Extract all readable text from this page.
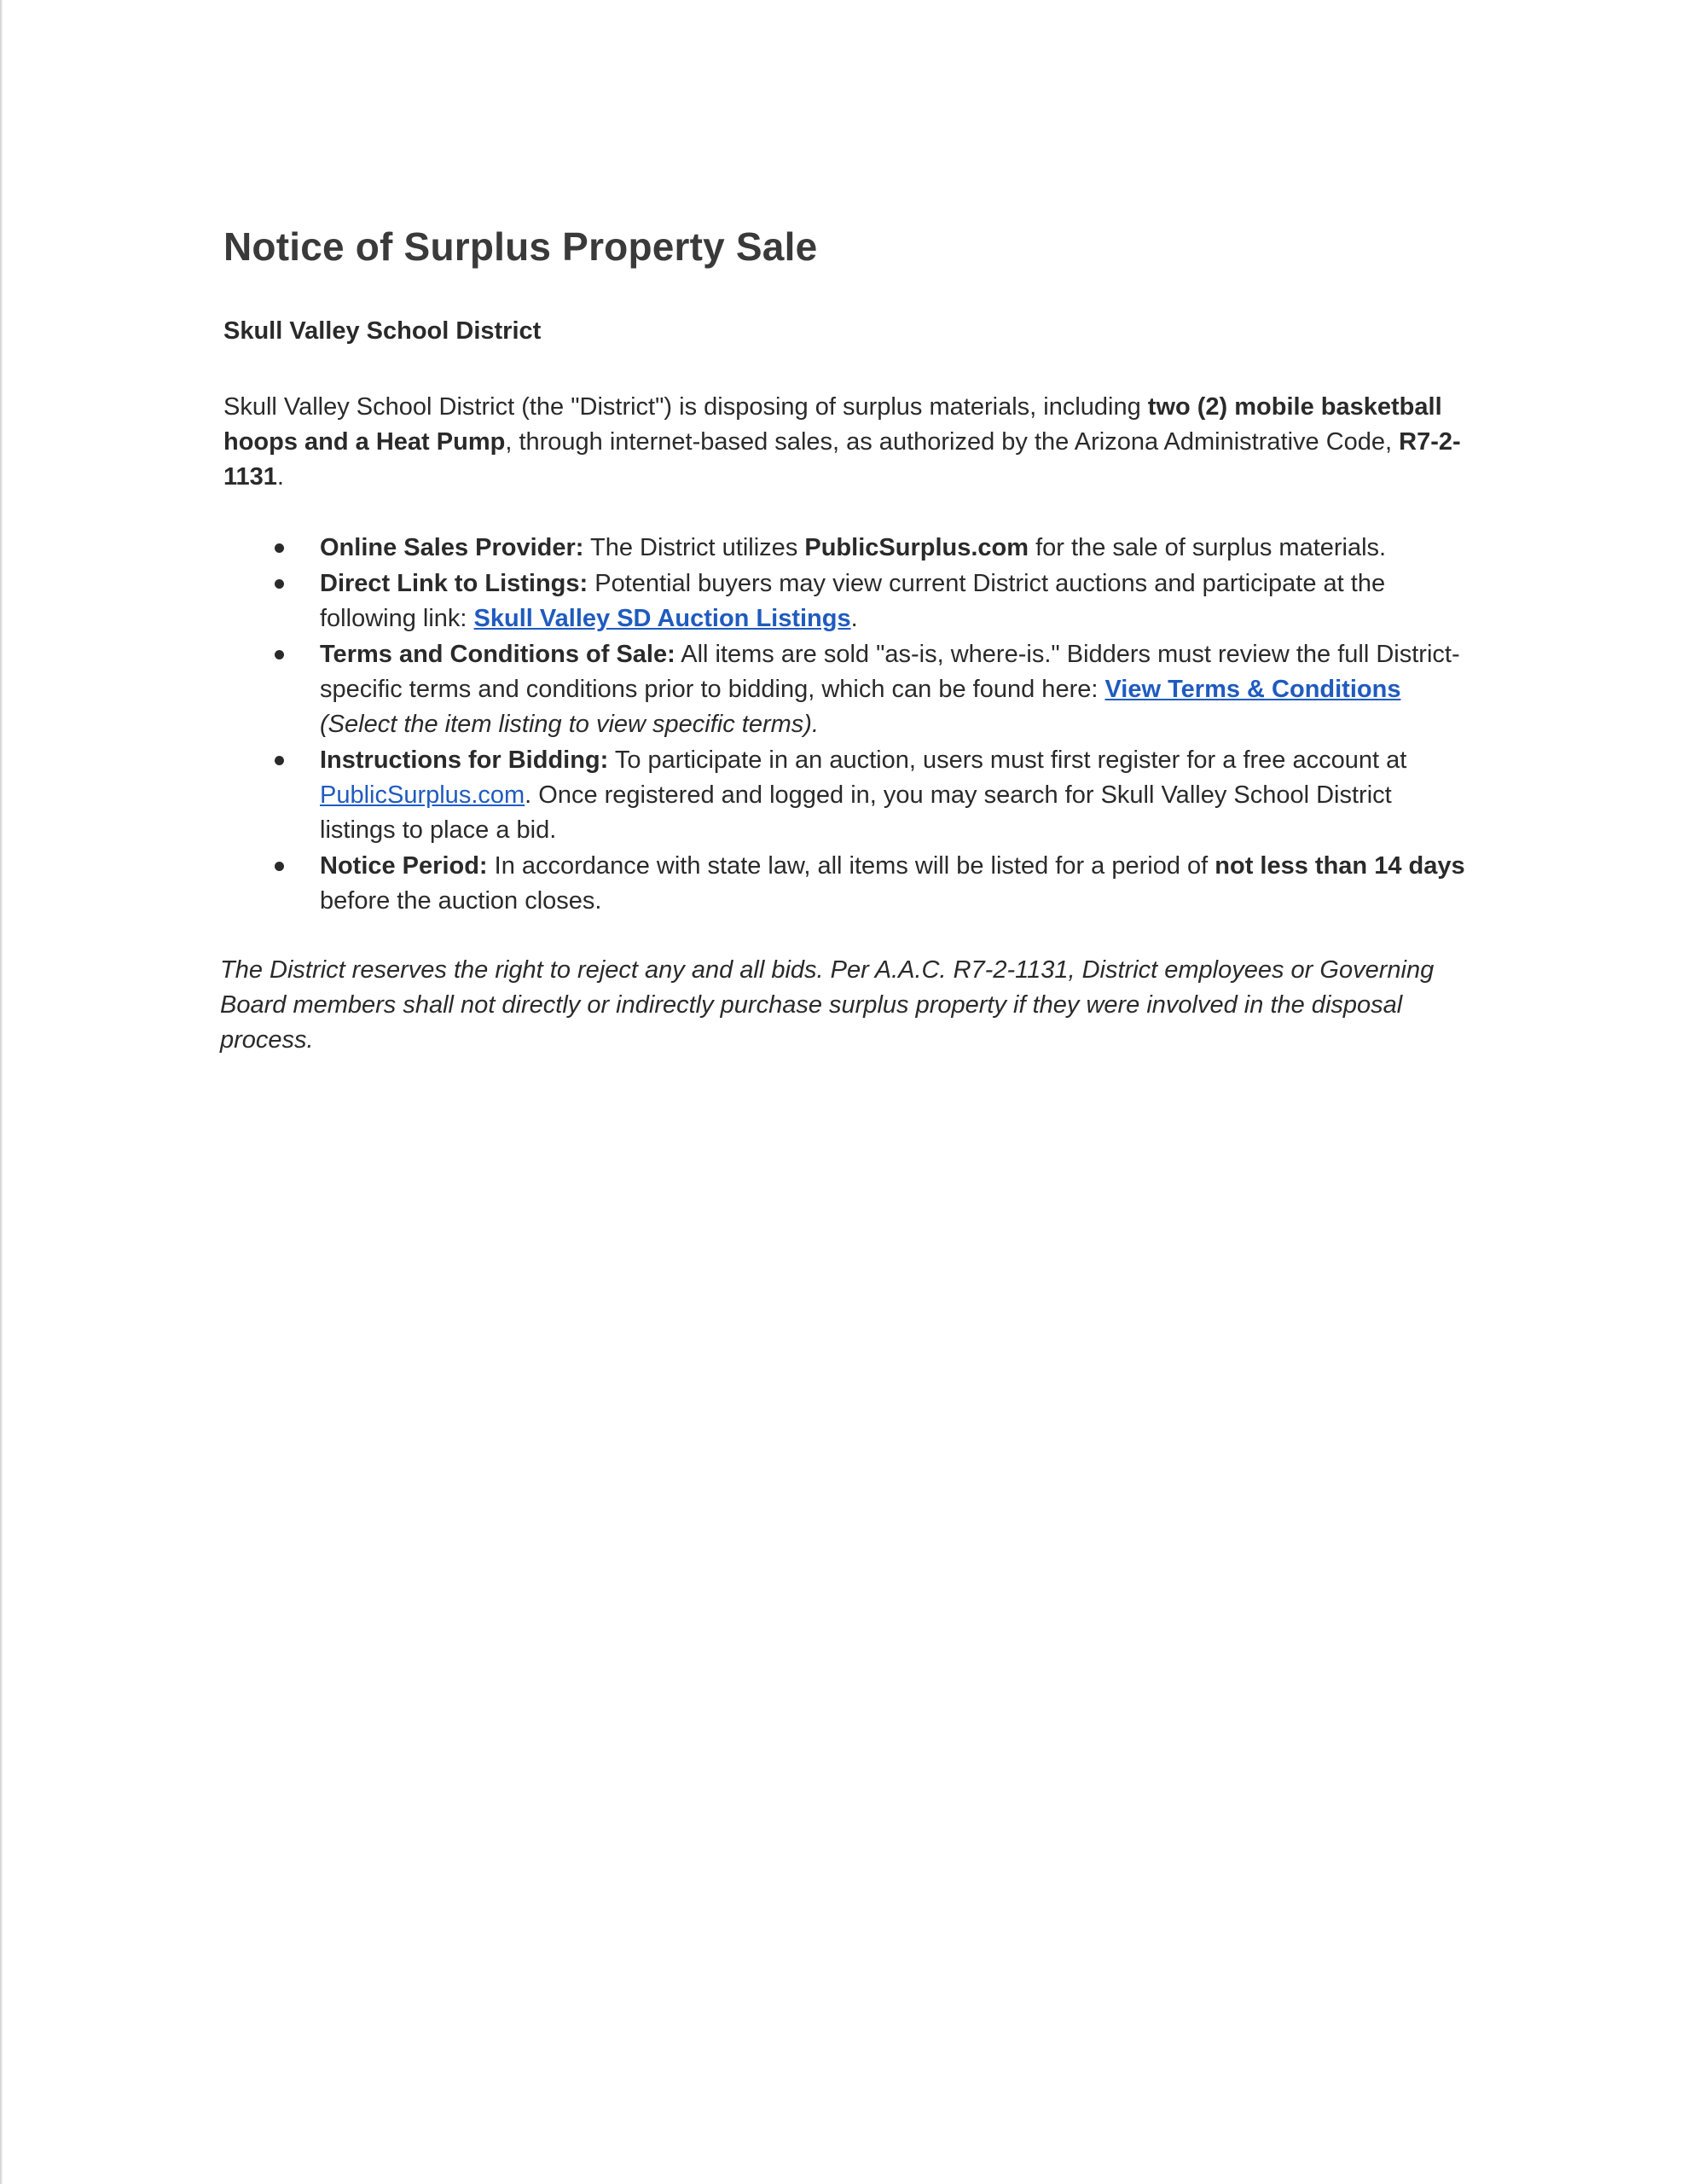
Notice of Surplus Property Sale
Skull Valley School District

Skull Valley School District (the "District") is disposing of surplus materials, including two (2) mobile basketball hoops and a Heat Pump, through internet-based sales, as authorized by the Arizona Administrative Code, R7-2-1131.

Online Sales Provider: The District utilizes PublicSurplus.com for the sale of surplus materials.
Direct Link to Listings: Potential buyers may view current District auctions and participate at the following link: Skull Valley SD Auction Listings.
Terms and Conditions of Sale: All items are sold "as-is, where-is." Bidders must review the full District-specific terms and conditions prior to bidding, which can be found here: View Terms & Conditions (Select the item listing to view specific terms).
Instructions for Bidding: To participate in an auction, users must first register for a free account at PublicSurplus.com. Once registered and logged in, you may search for Skull Valley School District listings to place a bid.
Notice Period: In accordance with state law, all items will be listed for a period of not less than 14 days before the auction closes.

The District reserves the right to reject any and all bids. Per A.A.C. R7-2-1131, District employees or Governing Board members shall not directly or indirectly purchase surplus property if they were involved in the disposal process.
